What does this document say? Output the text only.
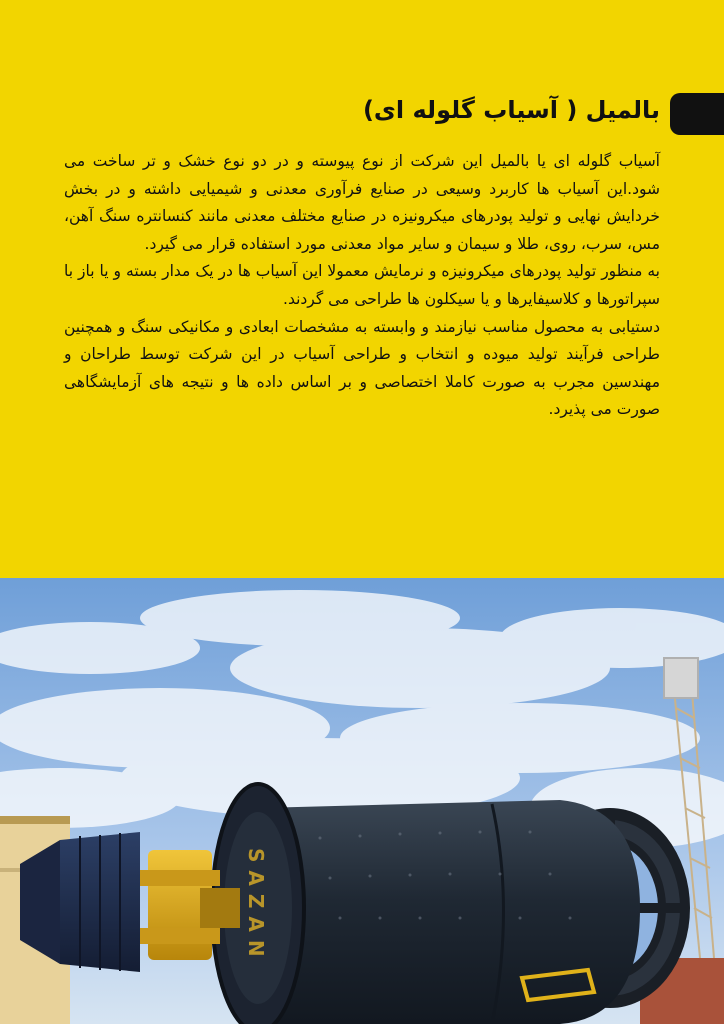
بالمیل ( آسیاب گلوله ای)

آسیاب گلوله ای یا بالمیل این شرکت از نوع پیوسته و در دو نوع خشک و تر ساخت می شود.این آسیاب ها کاربرد وسیعی در صنایع فرآوری معدنی و شیمیایی داشته و در بخش خردایش نهایی و تولید پودرهای میکرونیزه در صنایع مختلف معدنی مانند کنسانتره سنگ آهن، مس، سرب، روی، طلا و سیمان و سایر مواد معدنی مورد استفاده قرار می گیرد.

به منظور تولید پودرهای میکرونیزه و نرمایش معمولا این آسیاب ها در یک مدار بسته و یا باز با سپراتورها و کلاسیفایرها و یا سیکلون ها طراحی می گردند.

دستیابی به محصول مناسب نیازمند و وابسته به مشخصات ابعادی و مکانیکی سنگ و همچنین طراحی فرآیند تولید میوده و انتخاب و طراحی آسیاب در این شرکت توسط طراحان و مهندسین مجرب به صورت کاملا اختصاصی و بر اساس داده ها و نتیجه های آزمایشگاهی صورت می پذیرد.

SAZAN
